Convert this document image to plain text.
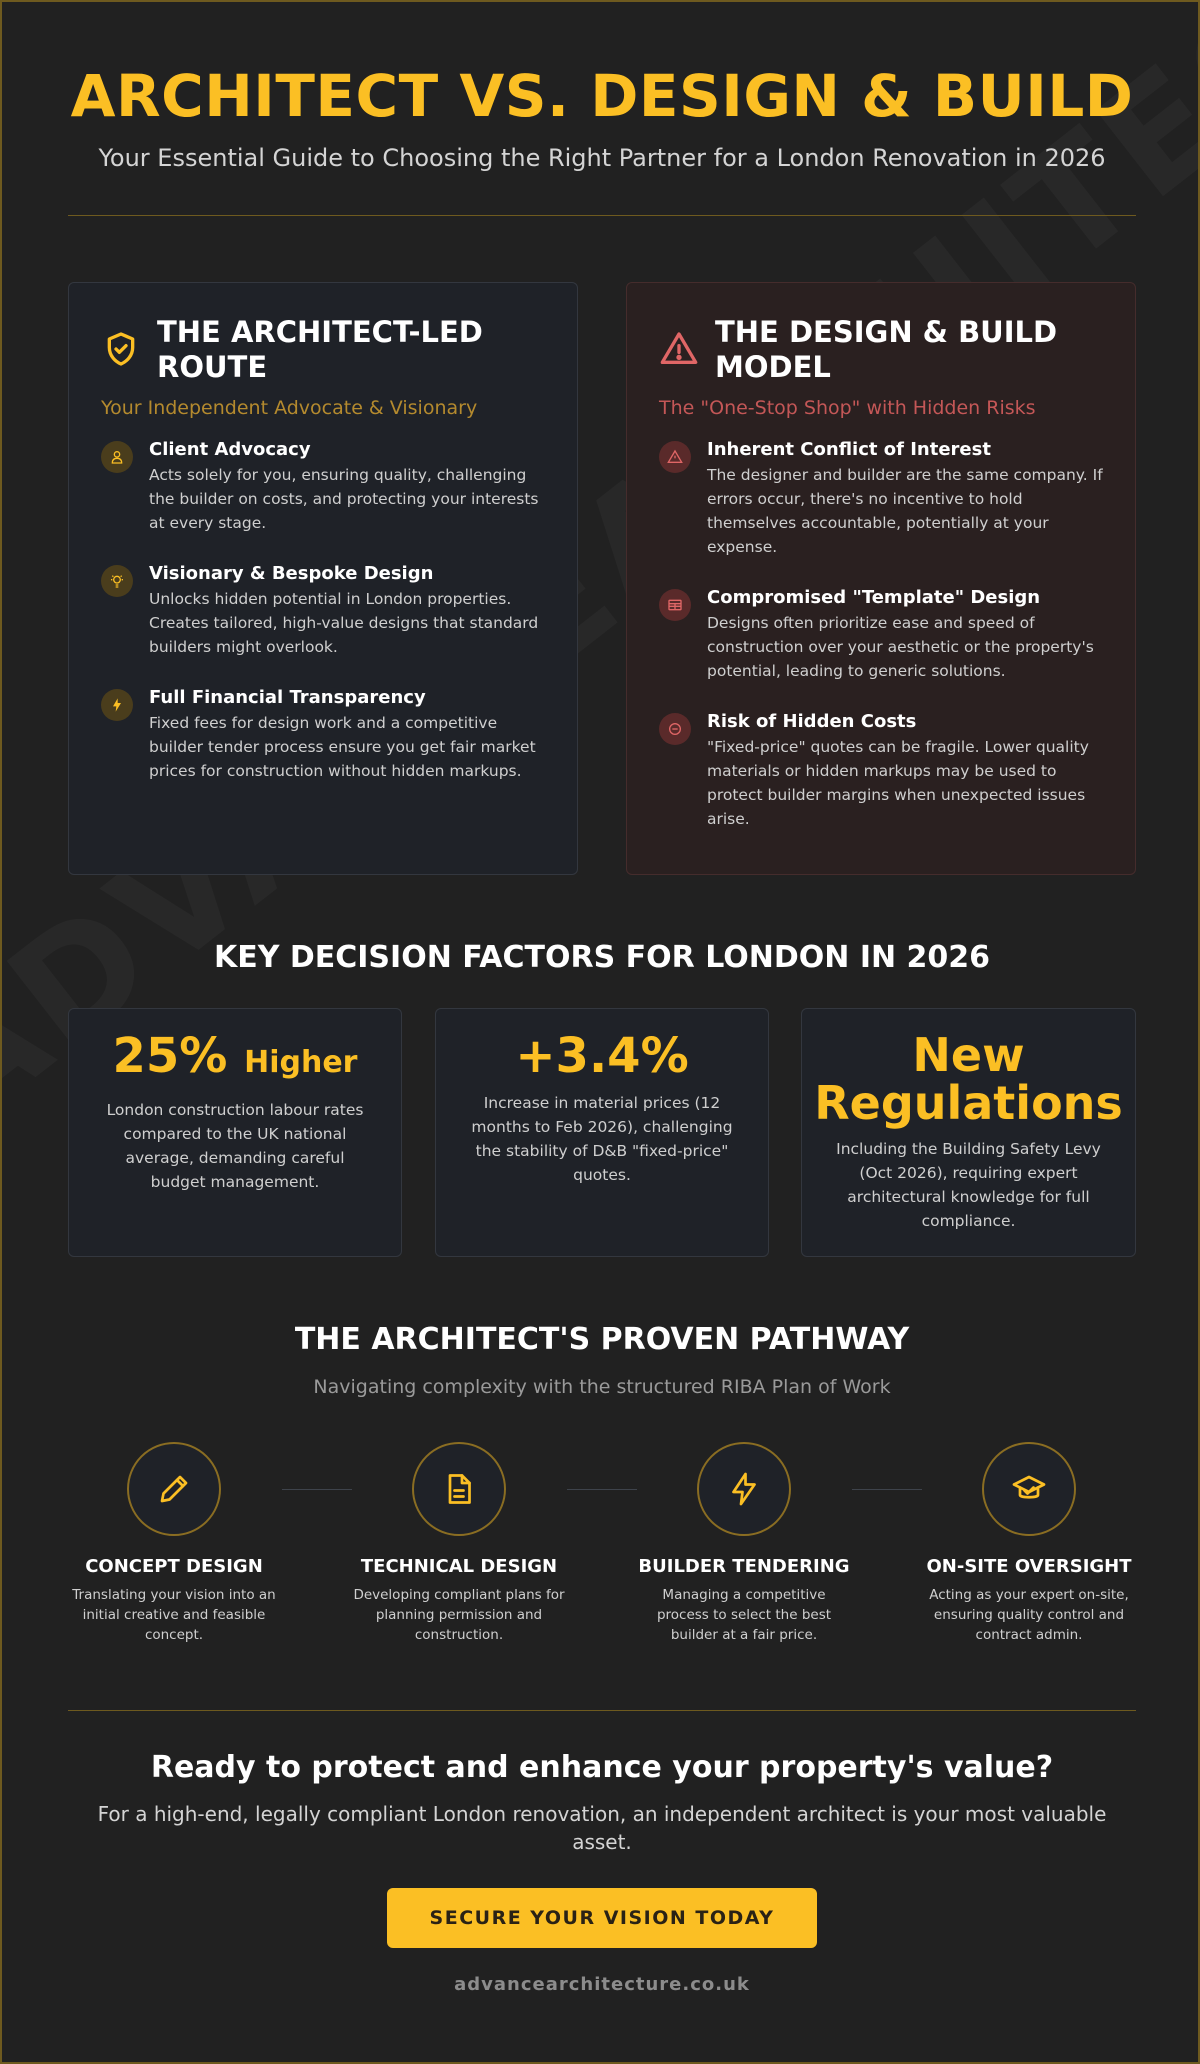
ARCHITECT VS. DESIGN & BUILD
Your Essential Guide to Choosing the Right Partner for a London Renovation in 2026
THE ARCHITECT-LED ROUTE
Your Independent Advocate & Visionary
Client Advocacy
Acts solely for you, ensuring quality, challenging the builder on costs, and protecting your interests at every stage.
Visionary & Bespoke Design
Unlocks hidden potential in London properties. Creates tailored, high-value designs that standard builders might overlook.
Full Financial Transparency
Fixed fees for design work and a competitive builder tender process ensure you get fair market prices for construction without hidden markups.
THE DESIGN & BUILD MODEL
The "One-Stop Shop" with Hidden Risks
Inherent Conflict of Interest
The designer and builder are the same company. If errors occur, there's no incentive to hold themselves accountable, potentially at your expense.
Compromised "Template" Design
Designs often prioritize ease and speed of construction over your aesthetic or the property's potential, leading to generic solutions.
Risk of Hidden Costs
"Fixed-price" quotes can be fragile. Lower quality materials or hidden markups may be used to protect builder margins when unexpected issues arise.
KEY DECISION FACTORS FOR LONDON IN 2026
25% Higher
London construction labour rates compared to the UK national average, demanding careful budget management.
+3.4%
Increase in material prices (12 months to Feb 2026), challenging the stability of D&B "fixed-price" quotes.
New Regulations
Including the Building Safety Levy (Oct 2026), requiring expert architectural knowledge for full compliance.
THE ARCHITECT'S PROVEN PATHWAY
Navigating complexity with the structured RIBA Plan of Work
CONCEPT DESIGN
Translating your vision into an initial creative and feasible concept.
TECHNICAL DESIGN
Developing compliant plans for planning permission and construction.
BUILDER TENDERING
Managing a competitive process to select the best builder at a fair price.
ON-SITE OVERSIGHT
Acting as your expert on-site, ensuring quality control and contract admin.
Ready to protect and enhance your property's value?
For a high-end, legally compliant London renovation, an independent architect is your most valuable asset.
SECURE YOUR VISION TODAY
advancearchitecture.co.uk
